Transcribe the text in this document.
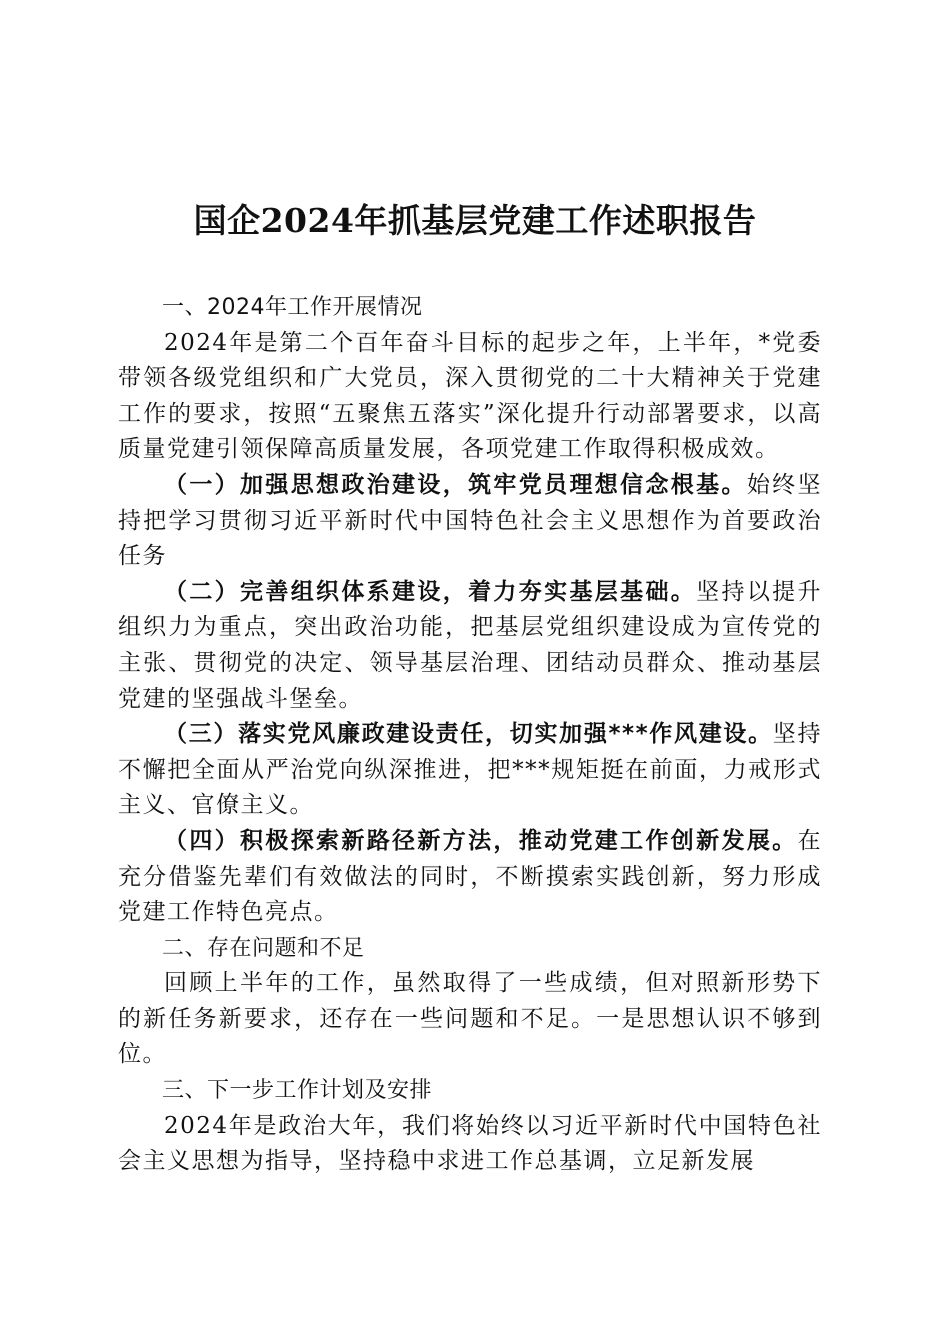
国企2024年抓基层党建工作述职报告

一、2024年工作开展情况

2024年是第二个百年奋斗目标的起步之年，上半年，*党委带领各级党组织和广大党员，深入贯彻党的二十大精神关于党建工作的要求，按照“五聚焦五落实”深化提升行动部署要求，以高质量党建引领保障高质量发展，各项党建工作取得积极成效。

（一）加强思想政治建设，筑牢党员理想信念根基。始终坚持把学习贯彻习近平新时代中国特色社会主义思想作为首要政治任务

（二）完善组织体系建设，着力夯实基层基础。坚持以提升组织力为重点，突出政治功能，把基层党组织建设成为宣传党的主张、贯彻党的决定、领导基层治理、团结动员群众、推动基层党建的坚强战斗堡垒。

（三）落实党风廉政建设责任，切实加强***作风建设。坚持不懈把全面从严治党向纵深推进，把***规矩挺在前面，力戒形式主义、官僚主义。

（四）积极探索新路径新方法，推动党建工作创新发展。在充分借鉴先辈们有效做法的同时，不断摸索实践创新，努力形成党建工作特色亮点。

二、存在问题和不足

回顾上半年的工作，虽然取得了一些成绩，但对照新形势下的新任务新要求，还存在一些问题和不足。一是思想认识不够到位。

三、下一步工作计划及安排

2024年是政治大年，我们将始终以习近平新时代中国特色社会主义思想为指导，坚持稳中求进工作总基调，立足新发展
